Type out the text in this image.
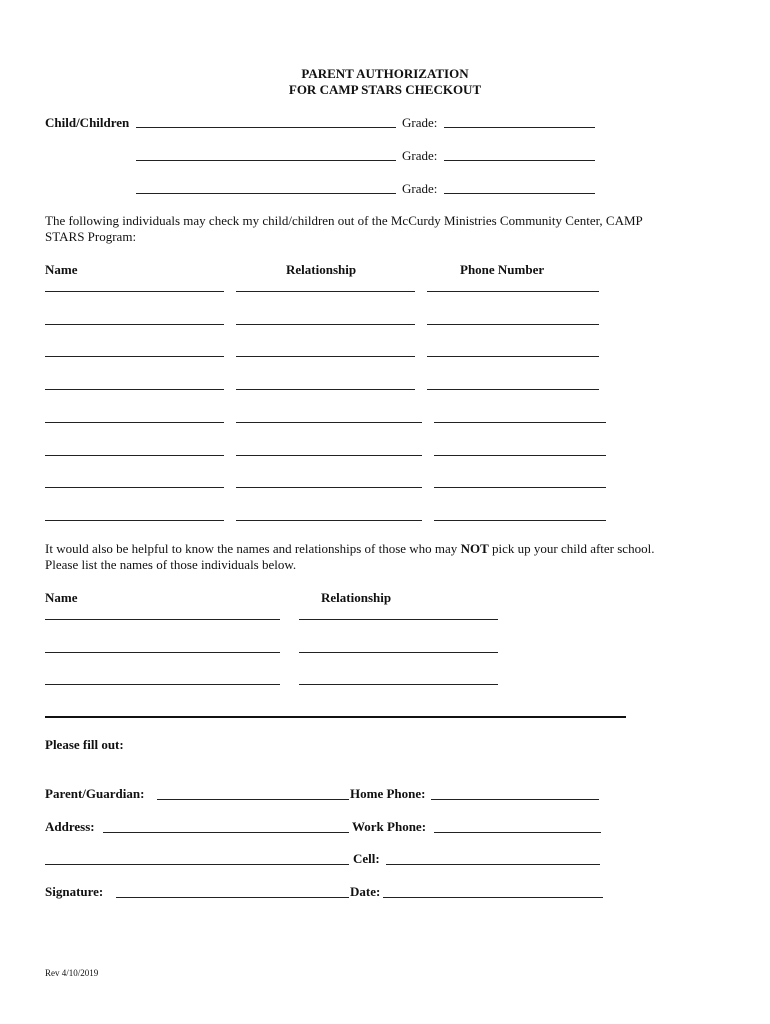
PARENT AUTHORIZATION
FOR CAMP STARS CHECKOUT
Child/Children	Grade:
Grade:
Grade:
The following individuals may check my child/children out of the McCurdy Ministries Community Center, CAMP
STARS Program:
Name	Relationship	Phone Number
It would also be helpful to know the names and relationships of those who may NOT pick up your child after school.
Please list the names of those individuals below.
Name	Relationship
Please fill out:
Parent/Guardian:	Home Phone:
Address:	Work Phone:
Cell:
Signature:	Date:
Rev 4/10/2019
